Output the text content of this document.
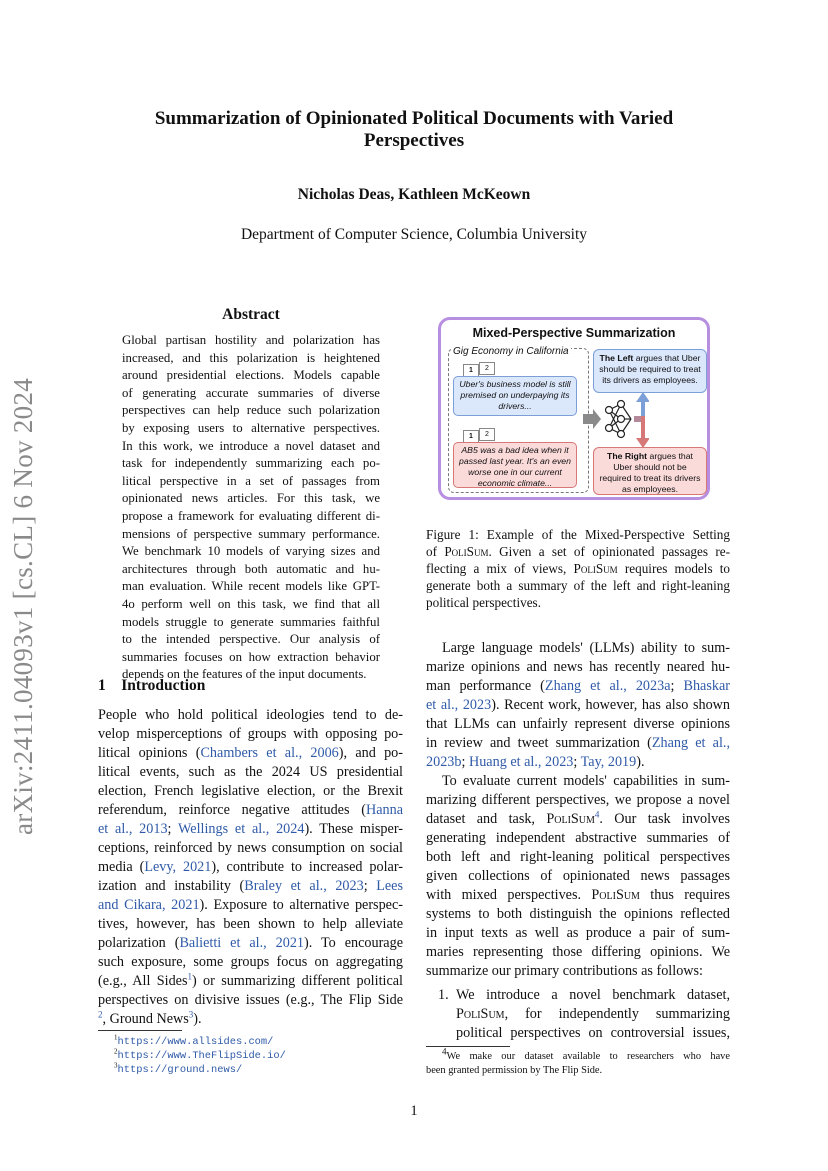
arXiv:2411.04093v1 [cs.CL] 6 Nov 2024
Summarization of Opinionated Political Documents with Varied
Perspectives
Nicholas Deas, Kathleen McKeown
Department of Computer Science, Columbia University
Abstract
Global partisan hostility and polarization has
increased, and this polarization is heightened
around presidential elections. Models capable
of generating accurate summaries of diverse
perspectives can help reduce such polarization
by exposing users to alternative perspectives.
In this work, we introduce a novel dataset and
task for independently summarizing each po-
litical perspective in a set of passages from
opinionated news articles. For this task, we
propose a framework for evaluating different di-
mensions of perspective summary performance.
We benchmark 10 models of varying sizes and
architectures through both automatic and hu-
man evaluation. While recent models like GPT-
4o perform well on this task, we find that all
models struggle to generate summaries faithful
to the intended perspective. Our analysis of
summaries focuses on how extraction behavior
depends on the features of the input documents.
1 Introduction
People who hold political ideologies tend to de-
velop misperceptions of groups with opposing po-
litical opinions (Chambers et al., 2006), and po-
litical events, such as the 2024 US presidential
election, French legislative election, or the Brexit
referendum, reinforce negative attitudes (Hanna
et al., 2013; Wellings et al., 2024). These misper-
ceptions, reinforced by news consumption on social
media (Levy, 2021), contribute to increased polar-
ization and instability (Braley et al., 2023; Lees
and Cikara, 2021). Exposure to alternative perspec-
tives, however, has been shown to help alleviate
polarization (Balietti et al., 2021). To encourage
such exposure, some groups focus on aggregating
(e.g., All Sides$^1$) or summarizing different political
perspectives on divisive issues (e.g., The Flip Side
$^2$, Ground News$^3$).
$^1$https://www.allsides.com/
$^2$https://www.TheFlipSide.io/
$^3$https://ground.news/
Mixed-Perspective Summarization
Gig Economy in California
1	2
Uber's business model is still premised on underpaying its drivers...
1	2
AB5 was a bad idea when it passed last year. It's an even worse one in our current economic climate...
The Left argues that Uber should be required to treat its drivers as employees.
The Right argues that Uber should not be required to treat its drivers as employees.
Figure 1: Example of the Mixed-Perspective Setting
of PoliSum. Given a set of opinionated passages re-
flecting a mix of views, PoliSum requires models to
generate both a summary of the left and right-leaning
political perspectives.
Large language models' (LLMs) ability to sum-
marize opinions and news has recently neared hu-
man performance (Zhang et al., 2023a; Bhaskar
et al., 2023). Recent work, however, has also shown
that LLMs can unfairly represent diverse opinions
in review and tweet summarization (Zhang et al.,
2023b; Huang et al., 2023; Tay, 2019).
To evaluate current models' capabilities in sum-
marizing different perspectives, we propose a novel
dataset and task, PoliSum$^4$. Our task involves
generating independent abstractive summaries of
both left and right-leaning political perspectives
given collections of opinionated news passages
with mixed perspectives. PoliSum thus requires
systems to both distinguish the opinions reflected
in input texts as well as produce a pair of sum-
maries representing those differing opinions. We
summarize our primary contributions as follows:
1. We introduce a novel benchmark dataset,
PoliSum, for independently summarizing
political perspectives on controversial issues,
$^4$We make our dataset available to researchers who have
been granted permission by The Flip Side.
1
